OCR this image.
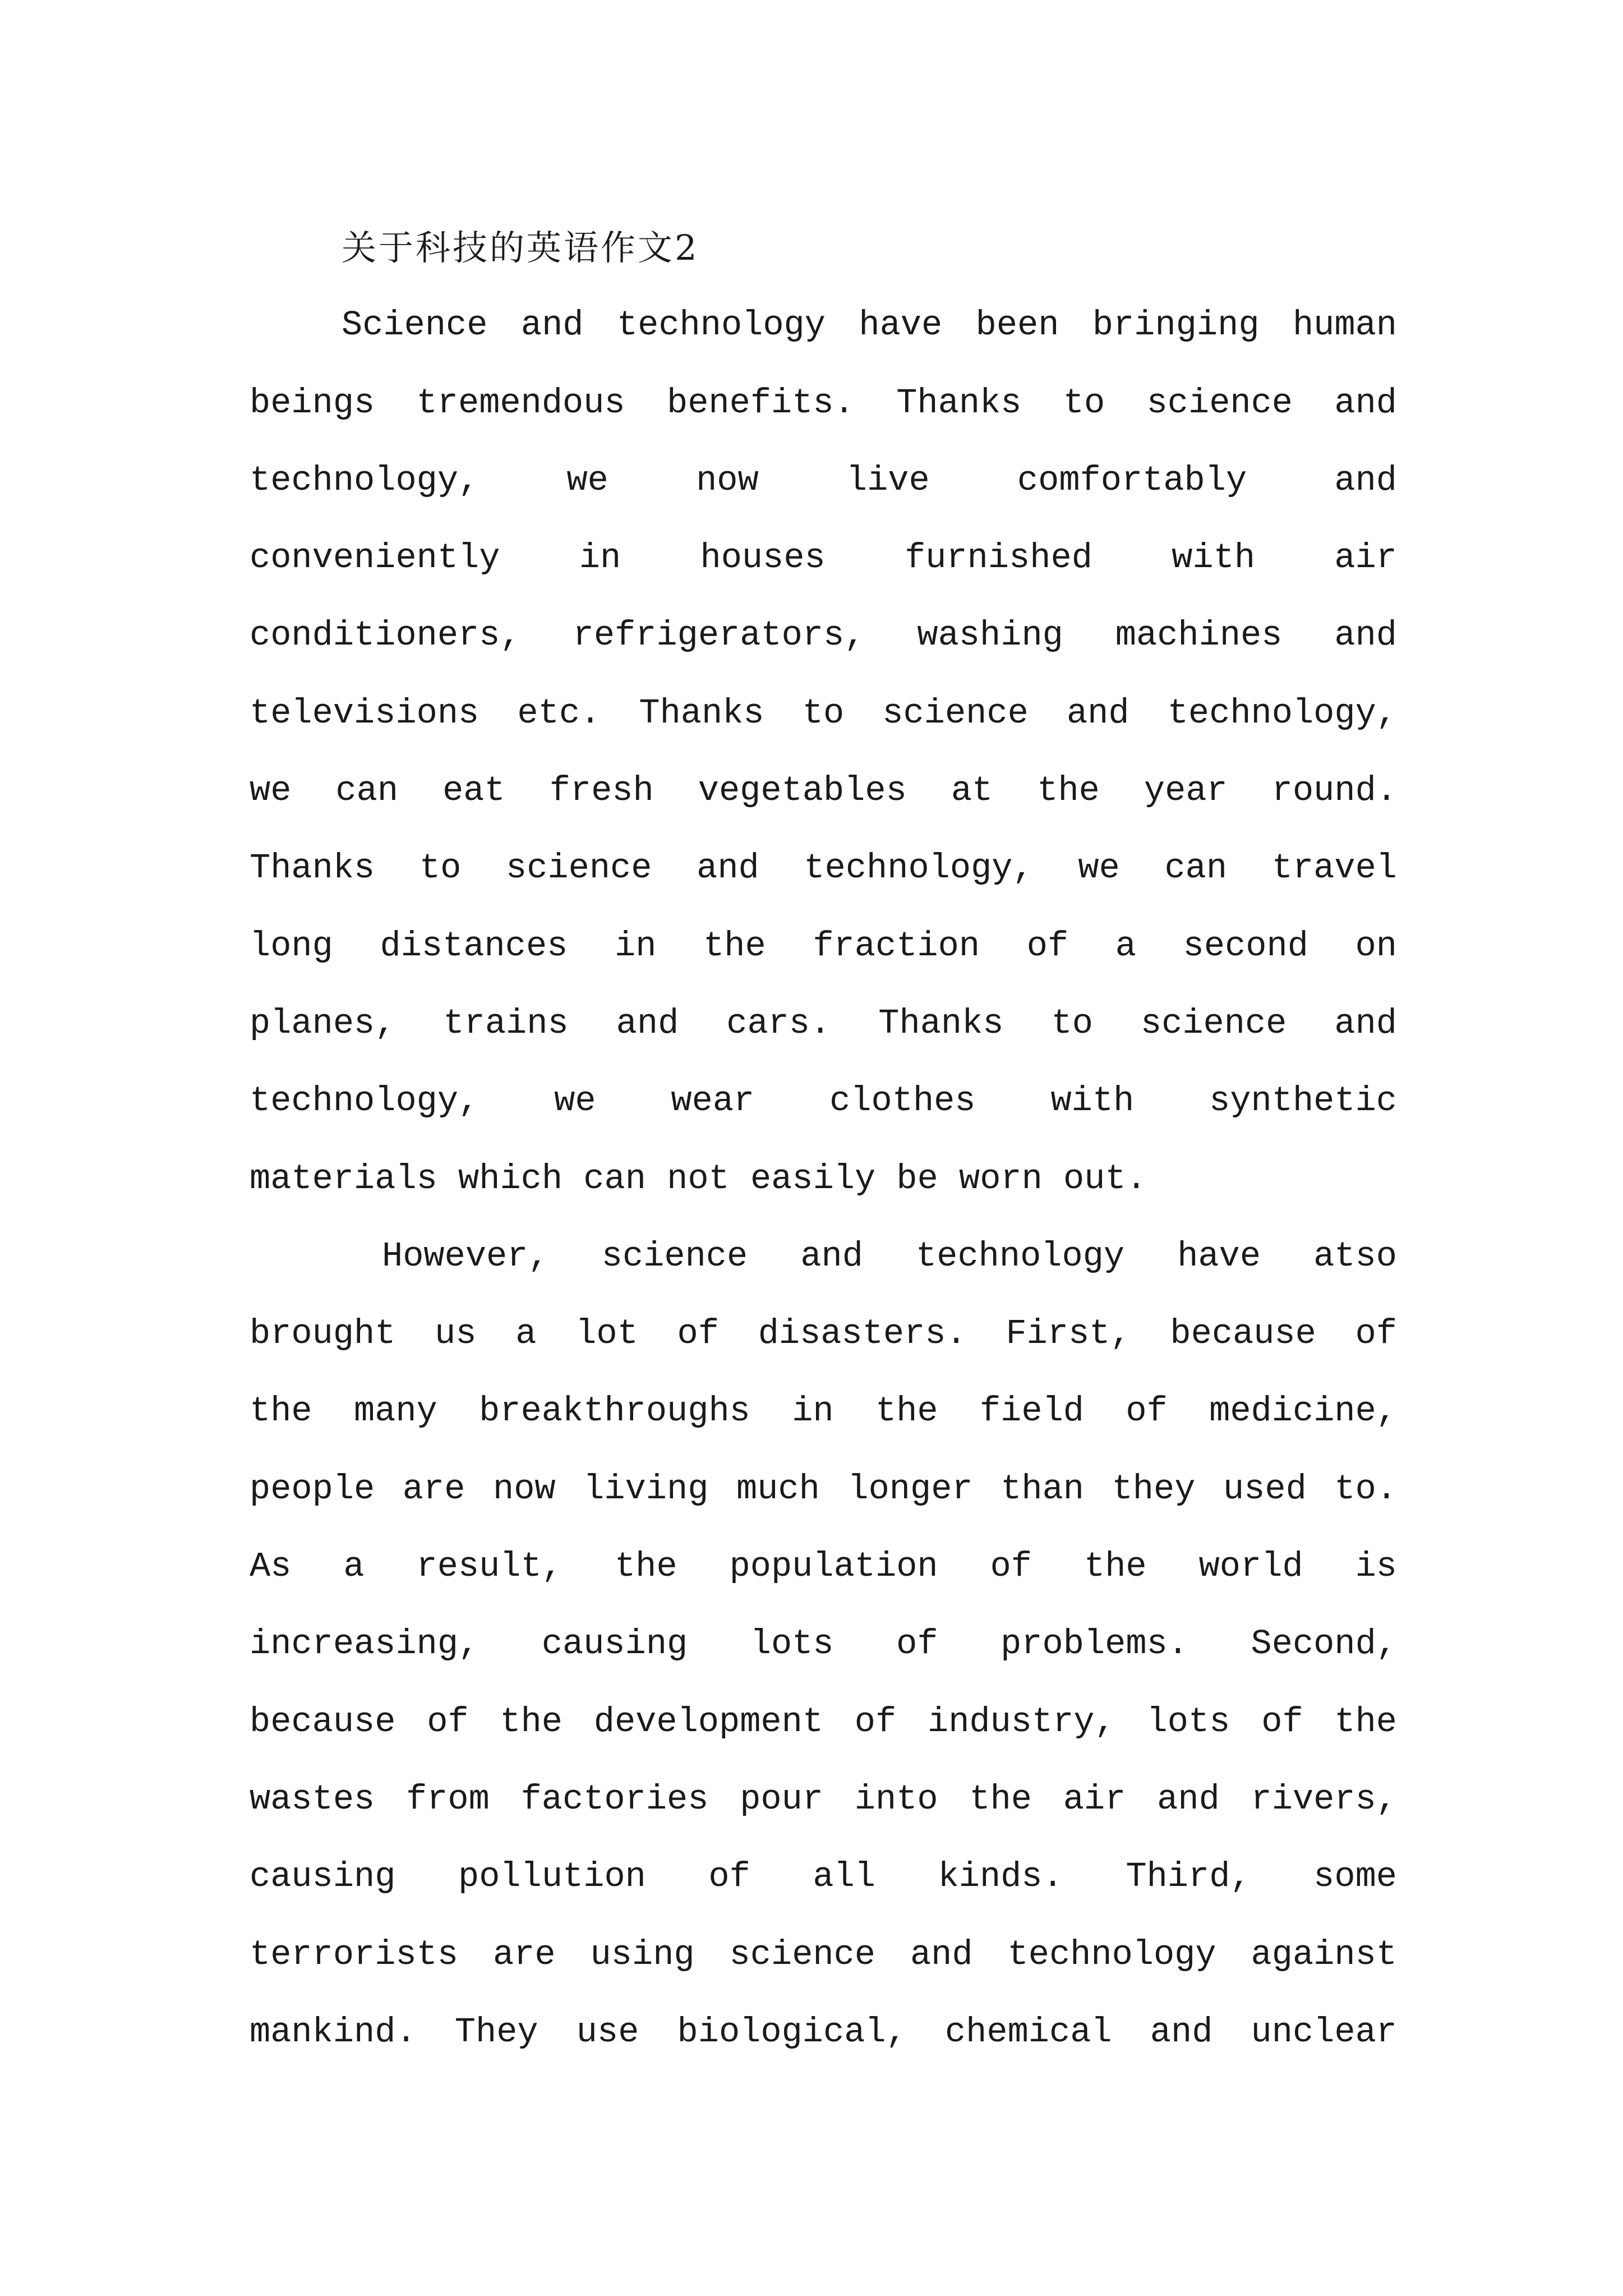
关于科技的英语作文2
Science and technology have been bringing human
beings tremendous benefits. Thanks to science and
technology, we now live comfortably and
conveniently in houses furnished with air
conditioners, refrigerators, washing machines and
televisions etc. Thanks to science and technology,
we can eat fresh vegetables at the year round.
Thanks to science and technology, we can travel
long distances in the fraction of a second on
planes, trains and cars. Thanks to science and
technology, we wear clothes with synthetic
materials which can not easily be worn out.
However, science and technology have atso
brought us a lot of disasters. First, because of
the many breakthroughs in the field of medicine,
people are now living much longer than they used to.
As a result, the population of the world is
increasing, causing lots of problems. Second,
because of the development of industry, lots of the
wastes from factories pour into the air and rivers,
causing pollution of all kinds. Third, some
terrorists are using science and technology against
mankind. They use biological, chemical and unclear
